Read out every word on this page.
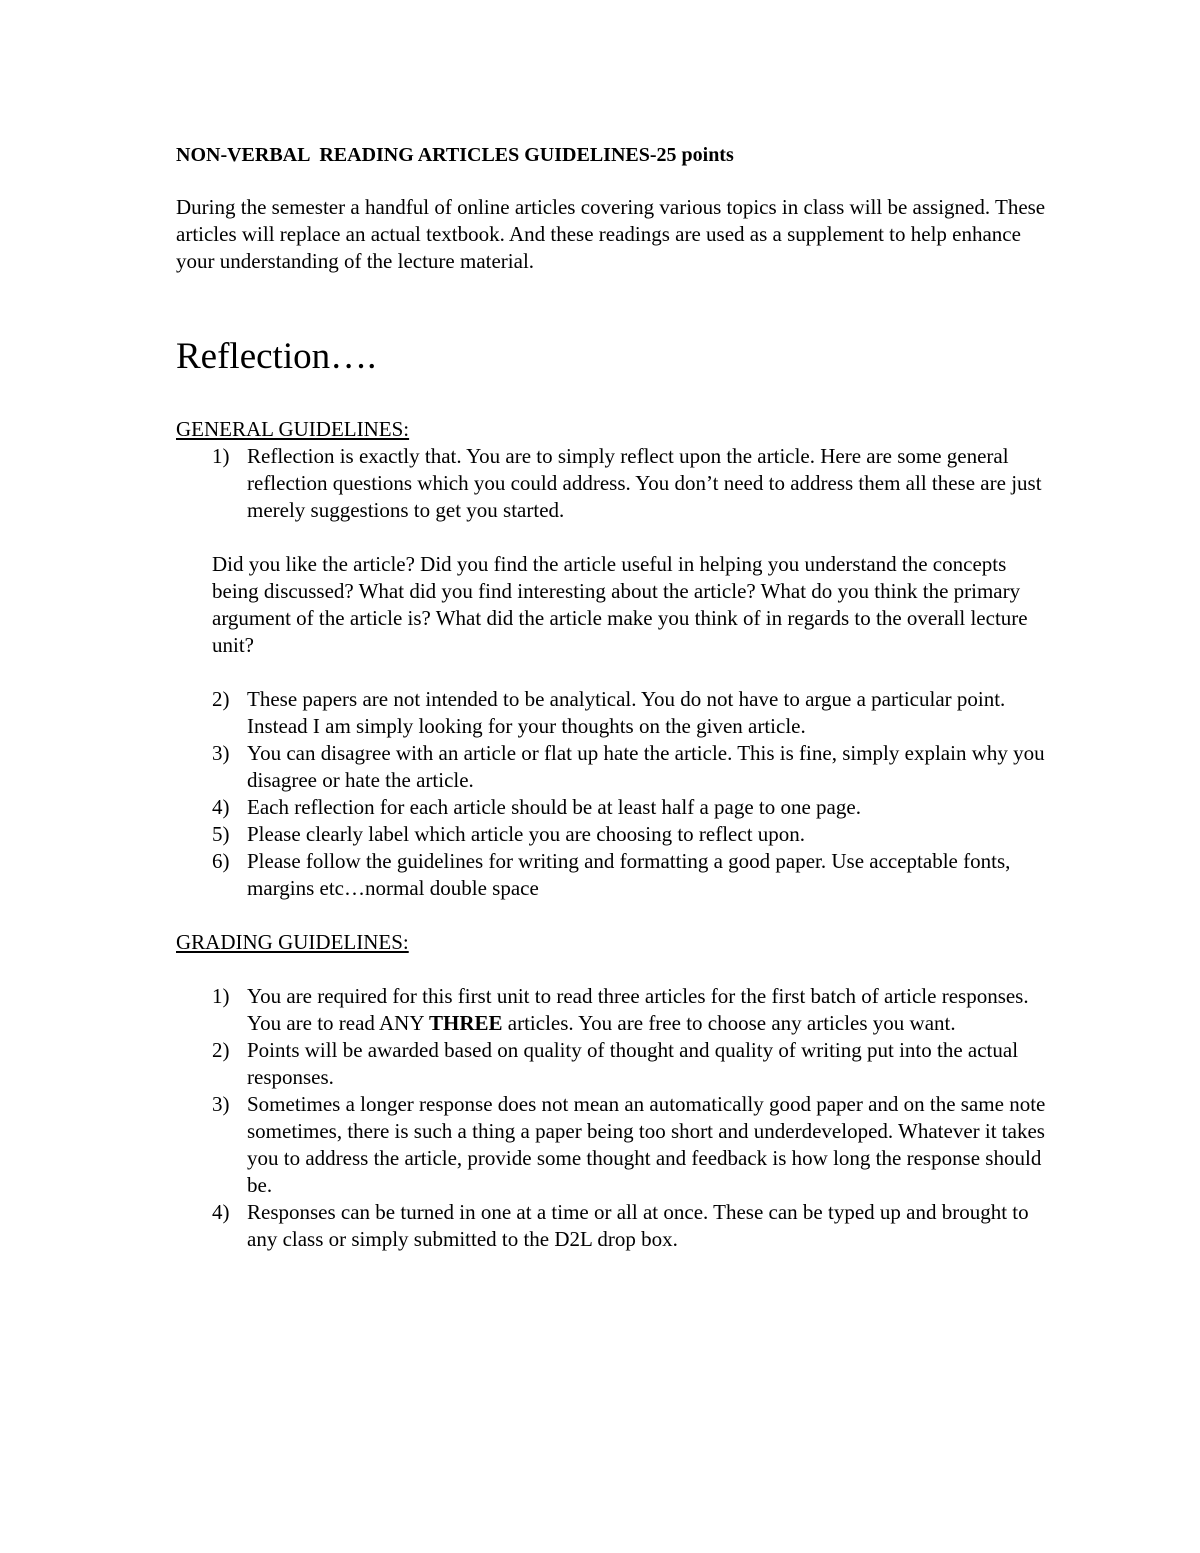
NON-VERBAL  READING ARTICLES GUIDELINES-25 points

During the semester a handful of online articles covering various topics in class will be assigned. These articles will replace an actual textbook. And these readings are used as a supplement to help enhance your understanding of the lecture material.

Reflection….

GENERAL GUIDELINES:

1) Reflection is exactly that. You are to simply reflect upon the article. Here are some general reflection questions which you could address. You don’t need to address them all these are just merely suggestions to get you started.

Did you like the article? Did you find the article useful in helping you understand the concepts being discussed? What did you find interesting about the article? What do you think the primary argument of the article is? What did the article make you think of in regards to the overall lecture unit?

2) These papers are not intended to be analytical. You do not have to argue a particular point. Instead I am simply looking for your thoughts on the given article.
3) You can disagree with an article or flat up hate the article. This is fine, simply explain why you disagree or hate the article.
4) Each reflection for each article should be at least half a page to one page.
5) Please clearly label which article you are choosing to reflect upon.
6) Please follow the guidelines for writing and formatting a good paper. Use acceptable fonts, margins etc…normal double space

GRADING GUIDELINES:

1) You are required for this first unit to read three articles for the first batch of article responses. You are to read ANY THREE articles. You are free to choose any articles you want.
2) Points will be awarded based on quality of thought and quality of writing put into the actual responses.
3) Sometimes a longer response does not mean an automatically good paper and on the same note sometimes, there is such a thing a paper being too short and underdeveloped. Whatever it takes you to address the article, provide some thought and feedback is how long the response should be.
4) Responses can be turned in one at a time or all at once. These can be typed up and brought to any class or simply submitted to the D2L drop box.
